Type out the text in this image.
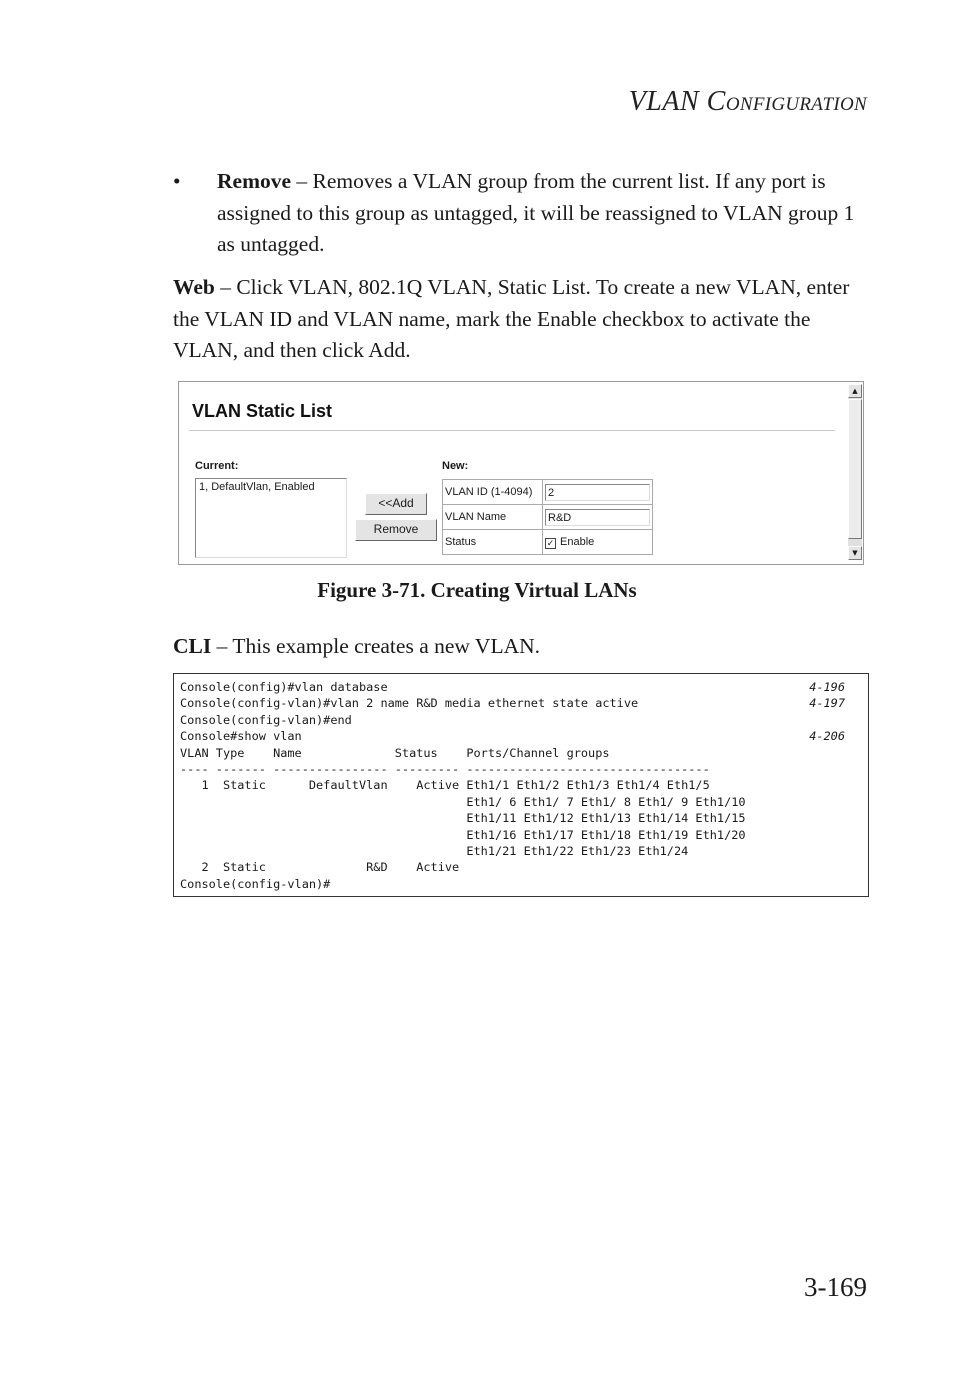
VLAN CONFIGURATION
• Remove – Removes a VLAN group from the current list. If any port is assigned to this group as untagged, it will be reassigned to VLAN group 1 as untagged.
Web – Click VLAN, 802.1Q VLAN, Static List. To create a new VLAN, enter the VLAN ID and VLAN name, mark the Enable checkbox to activate the VLAN, and then click Add.
VLAN Static List
Current:
1, DefaultVlan, Enabled
<<Add
Remove
New:
VLAN ID (1-4094)	2

VLAN Name	R&D

Status	✓ Enable
▲
▼
Figure 3-71. Creating Virtual LANs
CLI – This example creates a new VLAN.
Console(config)#vlan database	4-196
Console(config-vlan)#vlan 2 name R&D media ethernet state active	4-197
Console(config-vlan)#end
Console#show vlan	4-206
VLAN Type    Name             Status    Ports/Channel groups
---- ------- ---------------- --------- ----------------------------------
1  Static      DefaultVlan    Active Eth1/1 Eth1/2 Eth1/3 Eth1/4 Eth1/5
Eth1/ 6 Eth1/ 7 Eth1/ 8 Eth1/ 9 Eth1/10
Eth1/11 Eth1/12 Eth1/13 Eth1/14 Eth1/15
Eth1/16 Eth1/17 Eth1/18 Eth1/19 Eth1/20
Eth1/21 Eth1/22 Eth1/23 Eth1/24
2  Static              R&D    Active
Console(config-vlan)#
3-169
